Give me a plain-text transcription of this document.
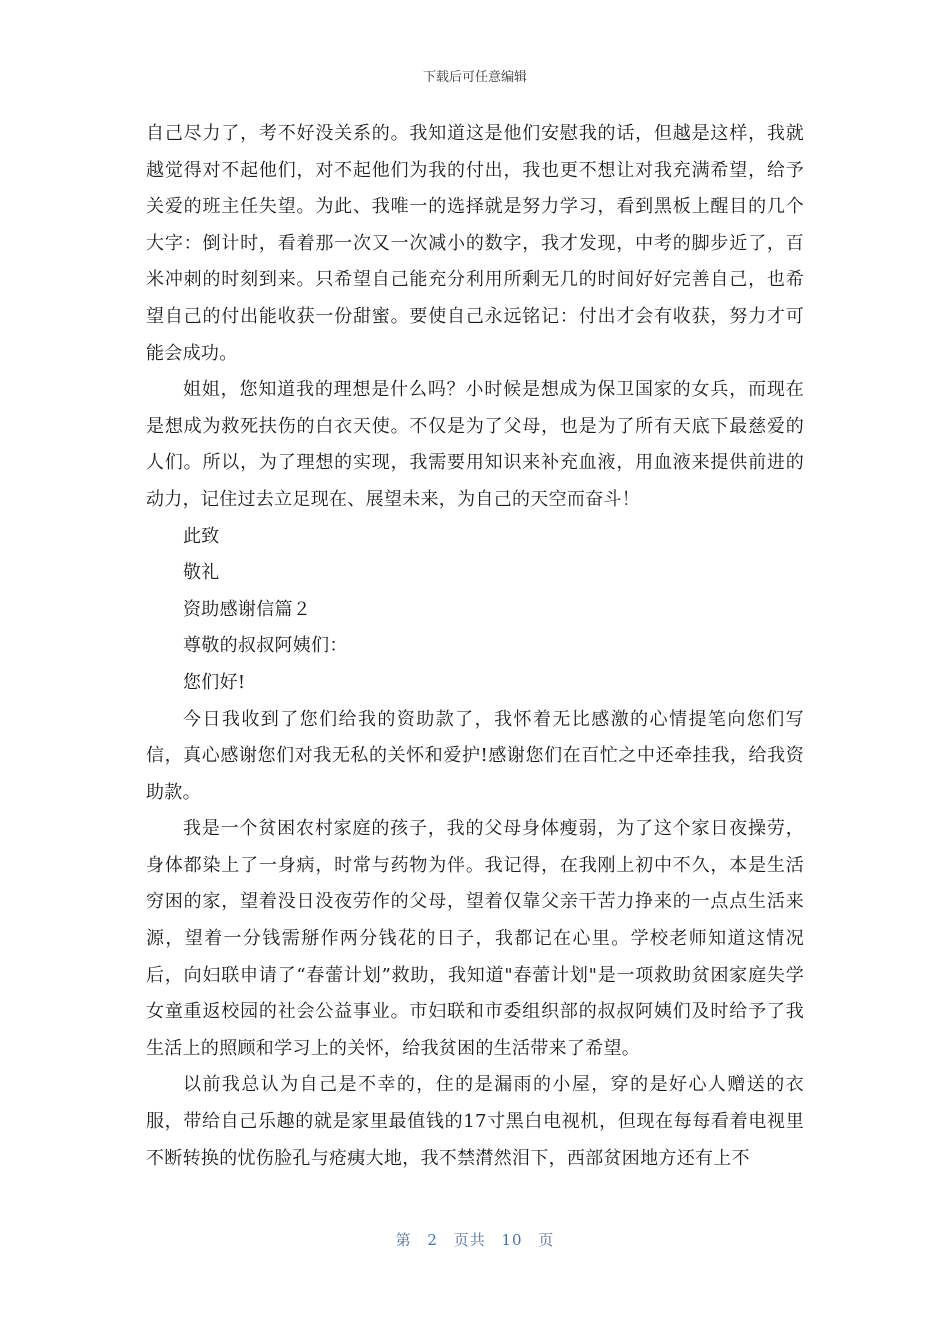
下载后可任意编辑

自己尽力了，考不好没关系的。我知道这是他们安慰我的话，但越是这样，我就越觉得对不起他们，对不起他们为我的付出，我也更不想让对我充满希望，给予关爱的班主任失望。为此、我唯一的选择就是努力学习，看到黑板上醒目的几个大字：倒计时，看着那一次又一次减小的数字，我才发现，中考的脚步近了，百米冲刺的时刻到来。只希望自己能充分利用所剩无几的时间好好完善自己，也希望自己的付出能收获一份甜蜜。要使自己永远铭记：付出才会有收获，努力才可能会成功。

姐姐，您知道我的理想是什么吗？小时候是想成为保卫国家的女兵，而现在是想成为救死扶伤的白衣天使。不仅是为了父母，也是为了所有天底下最慈爱的人们。所以，为了理想的实现，我需要用知识来补充血液，用血液来提供前进的动力，记住过去立足现在、展望未来，为自己的天空而奋斗！

此致

敬礼

资助感谢信篇２

尊敬的叔叔阿姨们：

您们好!

今日我收到了您们给我的资助款了，我怀着无比感激的心情提笔向您们写信，真心感谢您们对我无私的关怀和爱护!感谢您们在百忙之中还牵挂我，给我资助款。

我是一个贫困农村家庭的孩子，我的父母身体瘦弱，为了这个家日夜操劳，身体都染上了一身病，时常与药物为伴。我记得，在我刚上初中不久，本是生活穷困的家，望着没日没夜劳作的父母，望着仅靠父亲干苦力挣来的一点点生活来源，望着一分钱需掰作两分钱花的日子，我都记在心里。学校老师知道这情况后，向妇联申请了“春蕾计划”救助，我知道"春蕾计划"是一项救助贫困家庭失学女童重返校园的社会公益事业。市妇联和市委组织部的叔叔阿姨们及时给予了我生活上的照顾和学习上的关怀，给我贫困的生活带来了希望。

以前我总认为自己是不幸的，住的是漏雨的小屋，穿的是好心人赠送的衣服，带给自己乐趣的就是家里最值钱的17寸黑白电视机，但现在每每看着电视里不断转换的忧伤脸孔与疮痍大地，我不禁潸然泪下，西部贫困地方还有上不

第 2 页共 10 页
